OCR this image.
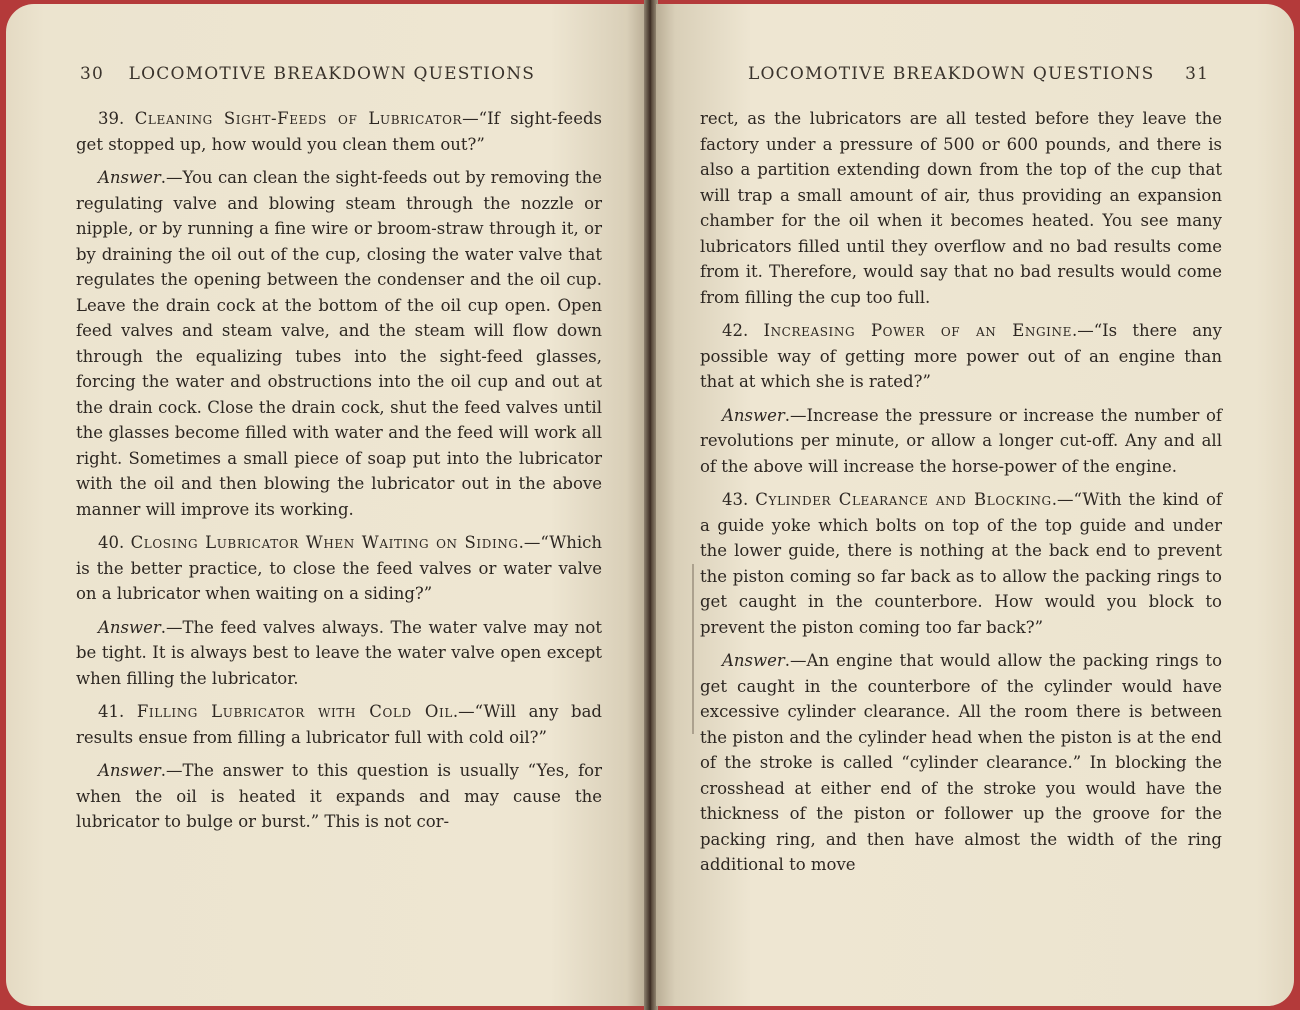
30 LOCOMOTIVE BREAKDOWN QUESTIONS

39. Cleaning Sight-Feeds of Lubricator—“If sight-feeds get stopped up, how would you clean them out?”

Answer.—You can clean the sight-feeds out by removing the regulating valve and blowing steam through the nozzle or nipple, or by running a fine wire or broom-straw through it, or by draining the oil out of the cup, closing the water valve that regulates the opening between the condenser and the oil cup. Leave the drain cock at the bottom of the oil cup open. Open feed valves and steam valve, and the steam will flow down through the equalizing tubes into the sight-feed glasses, forcing the water and obstructions into the oil cup and out at the drain cock. Close the drain cock, shut the feed valves until the glasses become filled with water and the feed will work all right. Sometimes a small piece of soap put into the lubricator with the oil and then blowing the lubricator out in the above manner will improve its working.

40. Closing Lubricator When Waiting on Siding.—“Which is the better practice, to close the feed valves or water valve on a lubricator when waiting on a siding?”

Answer.—The feed valves always. The water valve may not be tight. It is always best to leave the water valve open except when filling the lubricator.

41. Filling Lubricator with Cold Oil.—“Will any bad results ensue from filling a lubricator full with cold oil?”

Answer.—The answer to this question is usually “Yes, for when the oil is heated it expands and may cause the lubricator to bulge or burst.” This is not cor-

LOCOMOTIVE BREAKDOWN QUESTIONS 31

rect, as the lubricators are all tested before they leave the factory under a pressure of 500 or 600 pounds, and there is also a partition extending down from the top of the cup that will trap a small amount of air, thus providing an expansion chamber for the oil when it becomes heated. You see many lubricators filled until they overflow and no bad results come from it. Therefore, would say that no bad results would come from filling the cup too full.

42. Increasing Power of an Engine.—“Is there any possible way of getting more power out of an engine than that at which she is rated?”

Answer.—Increase the pressure or increase the number of revolutions per minute, or allow a longer cut-off. Any and all of the above will increase the horse-power of the engine.

43. Cylinder Clearance and Blocking.—“With the kind of a guide yoke which bolts on top of the top guide and under the lower guide, there is nothing at the back end to prevent the piston coming so far back as to allow the packing rings to get caught in the counterbore. How would you block to prevent the piston coming too far back?”

Answer.—An engine that would allow the packing rings to get caught in the counterbore of the cylinder would have excessive cylinder clearance. All the room there is between the piston and the cylinder head when the piston is at the end of the stroke is called “cylinder clearance.” In blocking the crosshead at either end of the stroke you would have the thickness of the piston or follower up the groove for the packing ring, and then have almost the width of the ring additional to move
